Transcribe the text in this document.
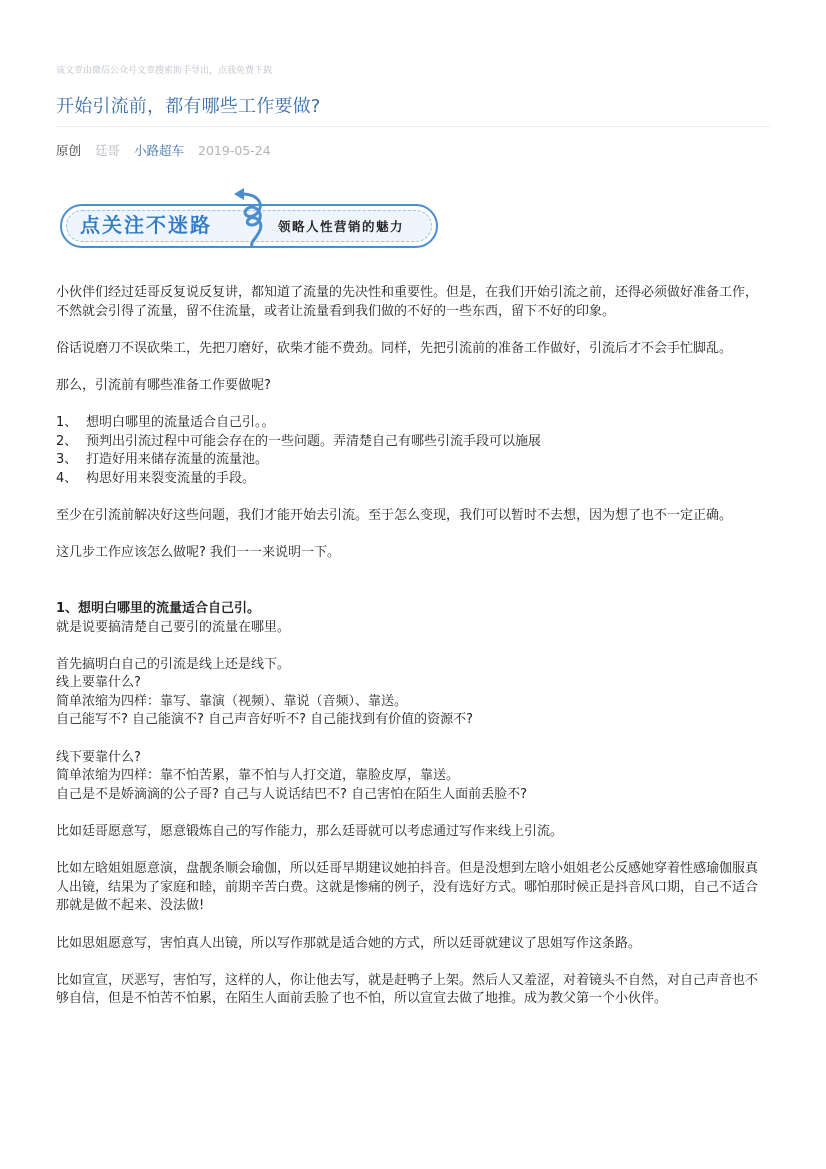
该文章由微信公众号文章搜索助手导出，点我免费下载
开始引流前，都有哪些工作要做?
原创 廷哥 小路超车 2019-05-24
点关注不迷路	领略人性营销的魅力

小伙伴们经过廷哥反复说反复讲，都知道了流量的先决性和重要性。但是，在我们开始引流之前，还得必须做好准备工作，不然就会引得了流量，留不住流量，或者让流量看到我们做的不好的一些东西，留下不好的印象。

俗话说磨刀不误砍柴工，先把刀磨好，砍柴才能不费劲。同样，先把引流前的准备工作做好，引流后才不会手忙脚乱。

那么，引流前有哪些准备工作要做呢?

1、 想明白哪里的流量适合自己引。。
2、 预判出引流过程中可能会存在的一些问题。弄清楚自己有哪些引流手段可以施展
3、 打造好用来储存流量的流量池。
4、 构思好用来裂变流量的手段。

至少在引流前解决好这些问题，我们才能开始去引流。至于怎么变现，我们可以暂时不去想，因为想了也不一定正确。

这几步工作应该怎么做呢? 我们一一来说明一下。

1、想明白哪里的流量适合自己引。

就是说要搞清楚自己要引的流量在哪里。

首先搞明白自己的引流是线上还是线下。

线上要靠什么?

简单浓缩为四样：靠写、靠演（视频）、靠说（音频）、靠送。

自己能写不? 自己能演不? 自己声音好听不? 自己能找到有价值的资源不?

线下要靠什么?

简单浓缩为四样：靠不怕苦累，靠不怕与人打交道，靠脸皮厚，靠送。

自己是不是娇滴滴的公子哥? 自己与人说话结巴不? 自己害怕在陌生人面前丢脸不?

比如廷哥愿意写，愿意锻炼自己的写作能力，那么廷哥就可以考虑通过写作来线上引流。

比如左晗姐姐愿意演，盘靓条顺会瑜伽，所以廷哥早期建议她拍抖音。但是没想到左晗小姐姐老公反感她穿着性感瑜伽服真人出镜，结果为了家庭和睦，前期辛苦白费。这就是惨痛的例子，没有选好方式。哪怕那时候正是抖音风口期，自己不适合那就是做不起来、没法做!

比如思姐愿意写，害怕真人出镜，所以写作那就是适合她的方式，所以廷哥就建议了思姐写作这条路。

比如宣宣，厌恶写，害怕写，这样的人，你让他去写，就是赶鸭子上架。然后人又羞涩，对着镜头不自然，对自己声音也不够自信，但是不怕苦不怕累，在陌生人面前丢脸了也不怕，所以宣宣去做了地推。成为教父第一个小伙伴。
